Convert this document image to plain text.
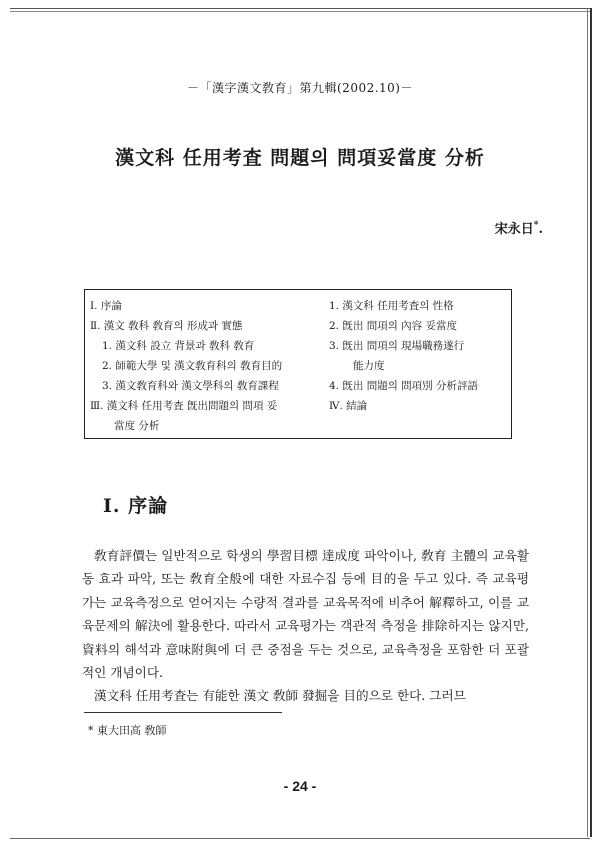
－「漢字漢文敎育」第九輯(2002.10)－
漢文科 任用考査 問題의 問項妥當度 分析
宋永日*.
Ⅰ. 序論
Ⅱ. 漢文 敎科 敎育의 形成과 實態
1. 漢文科 設立 背景과 敎科 敎育
2. 師範大學 및 漢文敎育科의 敎育目的
3. 漢文敎育科와 漢文學科의 敎育課程
Ⅲ. 漢文科 任用考査 旣出問題의 問項 妥
當度 分析
1. 漢文科 任用考査의 性格
2. 旣出 問項의 內容 妥當度
3. 旣出 問項의 現場職務遂行
能力度
4. 旣出 問題의 問項別 分析評語
Ⅳ. 結論
Ⅰ. 序論

敎育評價는 일반적으로 학생의 學習目標 達成度 파악이나, 敎育 主體의 교육활동 효과 파악, 또는 敎育全般에 대한 자료수집 등에 目的을 두고 있다. 즉 교육평가는 교육측정으로 얻어지는 수량적 결과를 교육목적에 비추어 解釋하고, 이를 교육문제의 解決에 활용한다. 따라서 교육평가는 객관적 측정을 排除하지는 않지만, 資料의 해석과 意味附與에 더 큰 중점을 두는 것으로, 교육측정을 포함한 더 포괄적인 개념이다.

漢文科 任用考査는 有能한 漢文 敎師 發掘을 目的으로 한다. 그러므

* 東大田高 敎師
- 24 -
